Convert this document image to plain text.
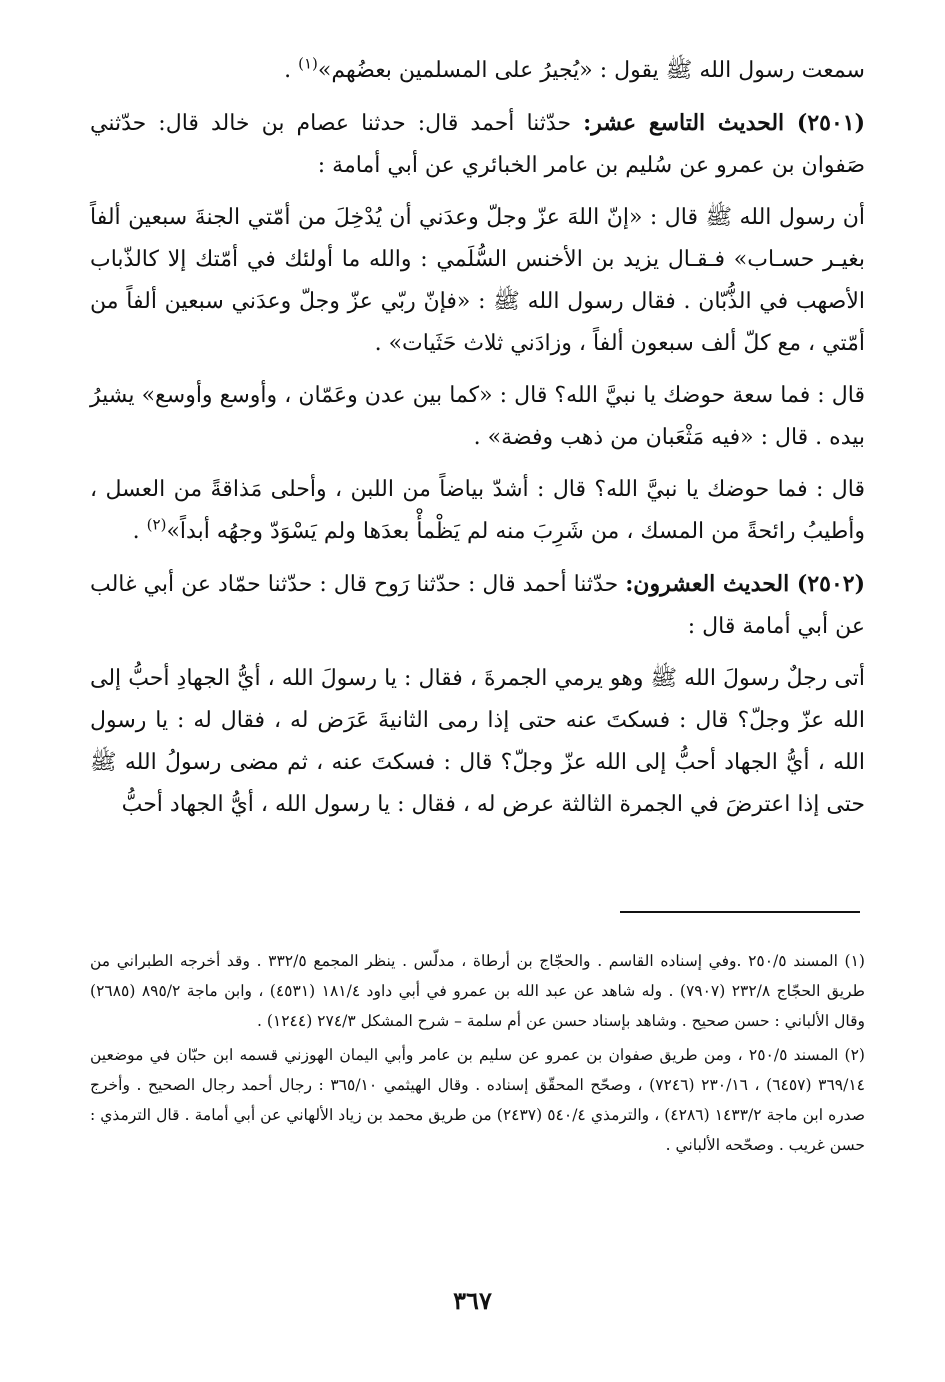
سمعت رسول الله ﷺ يقول : «يُجيرُ على المسلمين بعضُهم»$^{(١)}$ .

(٢٥٠١) الحديث التاسع عشر: حدّثنا أحمد قال: حدثنا عصام بن خالد قال: حدّثني صَفوان بن عمرو عن سُليم بن عامر الخبائري عن أبي أمامة :

أن رسول الله ﷺ قال : «إنّ اللهَ عزّ وجلّ وعدَني أن يُدْخِلَ من أمّتي الجنةَ سبعين ألفاً بغيـر حسـاب» فـقـال يزيد بن الأخنس السُّلَمي : والله ما أولئك في أمّتك إلا كالذّباب الأصهب في الذُّبّان . فقال رسول الله ﷺ : «فإنّ ربّي عزّ وجلّ وعدَني سبعين ألفاً من أمّتي ، مع كلّ ألف سبعون ألفاً ، وزادَني ثلاث حَثَيات» .

قال : فما سعة حوضك يا نبيَّ الله؟ قال : «كما بين عدن وعَمّان ، وأوسع وأوسع» يشيرُ بيده . قال : «فيه مَثْعَبان من ذهب وفضة» .

قال : فما حوضك يا نبيَّ الله؟ قال : أشدّ بياضاً من اللبن ، وأحلى مَذاقةً من العسل ، وأطيبُ رائحةً من المسك ، من شَرِبَ منه لم يَظْمأْ بعدَها ولم يَسْوَدّ وجهُه أبداً»$^{(٢)}$ .

(٢٥٠٢) الحديث العشرون: حدّثنا أحمد قال : حدّثنا رَوح قال : حدّثنا حمّاد عن أبي غالب عن أبي أمامة قال :

أتى رجلٌ رسولَ الله ﷺ وهو يرمي الجمرةَ ، فقال : يا رسولَ الله ، أيُّ الجهادِ أحبُّ إلى الله عزّ وجلّ؟ قال : فسكتَ عنه حتى إذا رمى الثانيةَ عَرَض له ، فقال له : يا رسول الله ، أيُّ الجهاد أحبُّ إلى الله عزّ وجلّ؟ قال : فسكتَ عنه ، ثم مضى رسولُ الله ﷺ حتى إذا اعترضَ في الجمرة الثالثة عرض له ، فقال : يا رسول الله ، أيُّ الجهاد أحبُّ

(١) المسند ٢٥٠/٥ .وفي إسناده القاسم . والحجّاج بن أرطاة ، مدلّس . ينظر المجمع ٣٣٢/٥ . وقد أخرجه الطبراني من طريق الحجّاج ٢٣٢/٨ (٧٩٠٧) . وله شاهد عن عبد الله بن عمرو في أبي داود ١٨١/٤ (٤٥٣١) ، وابن ماجة ٨٩٥/٢ (٢٦٨٥) وقال الألباني : حسن صحيح . وشاهد بإسناد حسن عن أم سلمة – شرح المشكل ٢٧٤/٣ (١٢٤٤) .

(٢) المسند ٢٥٠/٥ ، ومن طريق صفوان بن عمرو عن سليم بن عامر وأبي اليمان الهوزني قسمه ابن حبّان في موضعين ٣٦٩/١٤ (٦٤٥٧) ، ٢٣٠/١٦ (٧٢٤٦) ، وصحّح المحقّق إسناده . وقال الهيثمي ٣٦٥/١٠ : رجال أحمد رجال الصحيح . وأخرج صدره ابن ماجة ١٤٣٣/٢ (٤٢٨٦) ، والترمذي ٥٤٠/٤ (٢٤٣٧) من طريق محمد بن زياد الألهاني عن أبي أمامة . قال الترمذي : حسن غريب . وصحّحه الألباني .

٣٦٧
